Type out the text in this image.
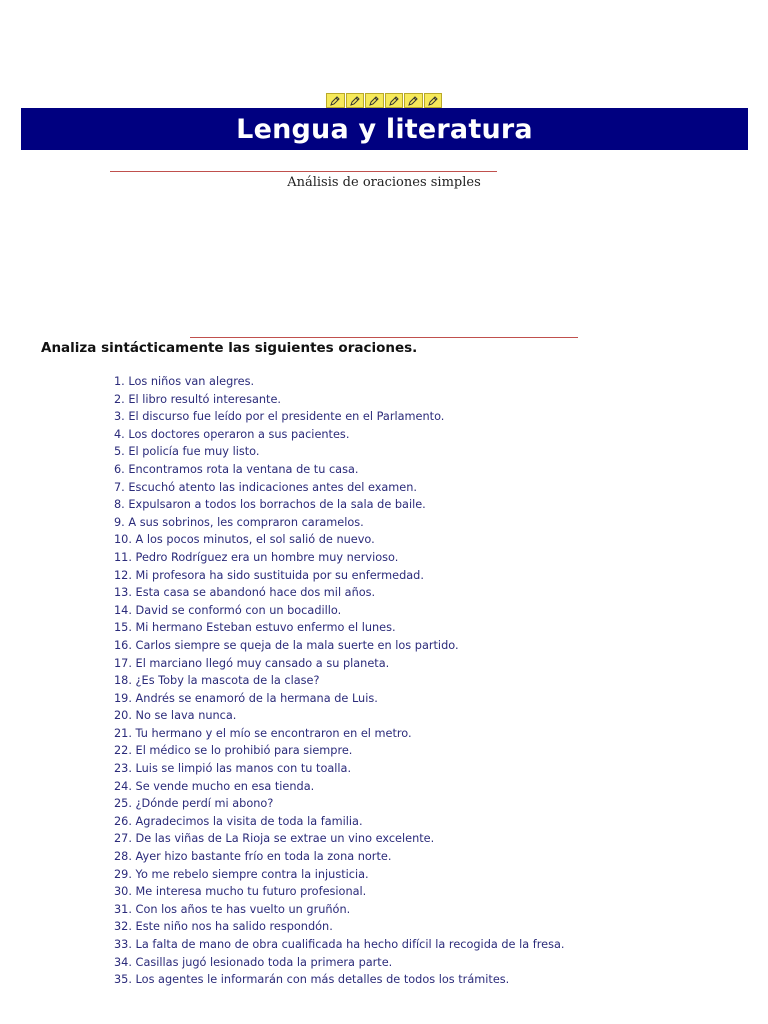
Lengua y literatura
Análisis de oraciones simples

Analiza sintácticamente las siguientes oraciones.

1. Los niños van alegres.
2. El libro resultó interesante.
3. El discurso fue leído por el presidente en el Parlamento.
4. Los doctores operaron a sus pacientes.
5. El policía fue muy listo.
6. Encontramos rota la ventana de tu casa.
7. Escuchó atento las indicaciones antes del examen.
8. Expulsaron a todos los borrachos de la sala de baile.
9. A sus sobrinos, les compraron caramelos.
10. A los pocos minutos, el sol salió de nuevo.
11. Pedro Rodríguez era un hombre muy nervioso.
12. Mi profesora ha sido sustituida por su enfermedad.
13. Esta casa se abandonó hace dos mil años.
14. David se conformó con un bocadillo.
15. Mi hermano Esteban estuvo enfermo el lunes.
16. Carlos siempre se queja de la mala suerte en los partido.
17. El marciano llegó muy cansado a su planeta.
18. ¿Es Toby la mascota de la clase?
19. Andrés se enamoró de la hermana de Luis.
20. No se lava nunca.
21. Tu hermano y el mío se encontraron en el metro.
22. El médico se lo prohibió para siempre.
23. Luis se limpió las manos con tu toalla.
24. Se vende mucho en esa tienda.
25. ¿Dónde perdí mi abono?
26. Agradecimos la visita de toda la familia.
27. De las viñas de La Rioja se extrae un vino excelente.
28. Ayer hizo bastante frío en toda la zona norte.
29. Yo me rebelo siempre contra la injusticia.
30. Me interesa mucho tu futuro profesional.
31. Con los años te has vuelto un gruñón.
32. Este niño nos ha salido respondón.
33. La falta de mano de obra cualificada ha hecho difícil la recogida de la fresa.
34. Casillas jugó lesionado toda la primera parte.
35. Los agentes le informarán con más detalles de todos los trámites.
